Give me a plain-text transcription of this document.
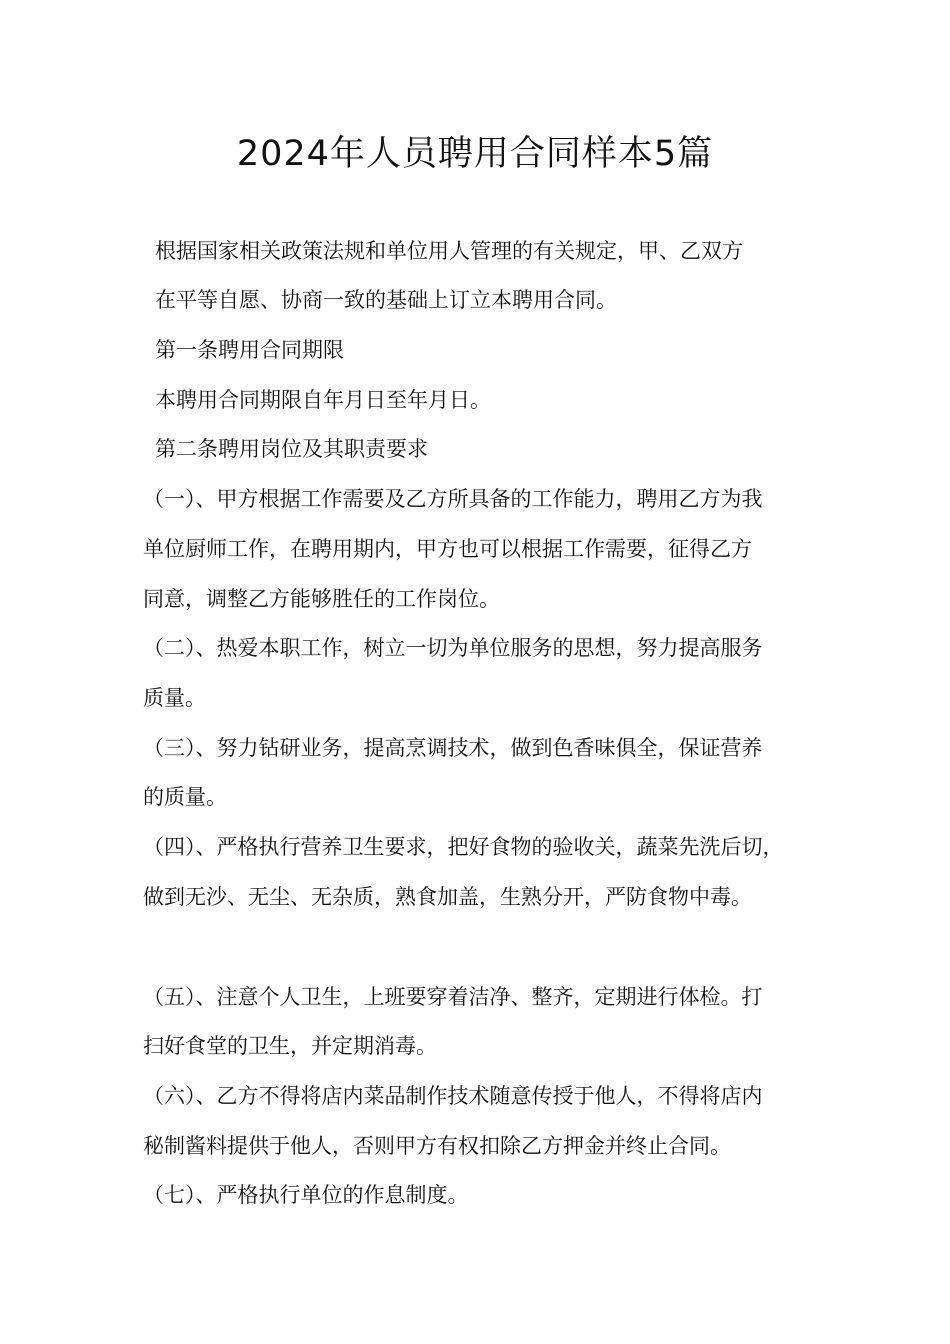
2024年人员聘用合同样本5篇
根据国家相关政策法规和单位用人管理的有关规定，甲、乙双方
在平等自愿、协商一致的基础上订立本聘用合同。
第一条聘用合同期限
本聘用合同期限自年月日至年月日。
第二条聘用岗位及其职责要求
（一）、甲方根据工作需要及乙方所具备的工作能力，聘用乙方为我
单位厨师工作，在聘用期内，甲方也可以根据工作需要，征得乙方
同意，调整乙方能够胜任的工作岗位。
（二）、热爱本职工作，树立一切为单位服务的思想，努力提高服务
质量。
（三）、努力钻研业务，提高烹调技术，做到色香味俱全，保证营养
的质量。
（四）、严格执行营养卫生要求，把好食物的验收关，蔬菜先洗后切，
做到无沙、无尘、无杂质，熟食加盖，生熟分开，严防食物中毒。
（五）、注意个人卫生，上班要穿着洁净、整齐，定期进行体检。打
扫好食堂的卫生，并定期消毒。
（六）、乙方不得将店内菜品制作技术随意传授于他人，不得将店内
秘制酱料提供于他人，否则甲方有权扣除乙方押金并终止合同。
（七）、严格执行单位的作息制度。
